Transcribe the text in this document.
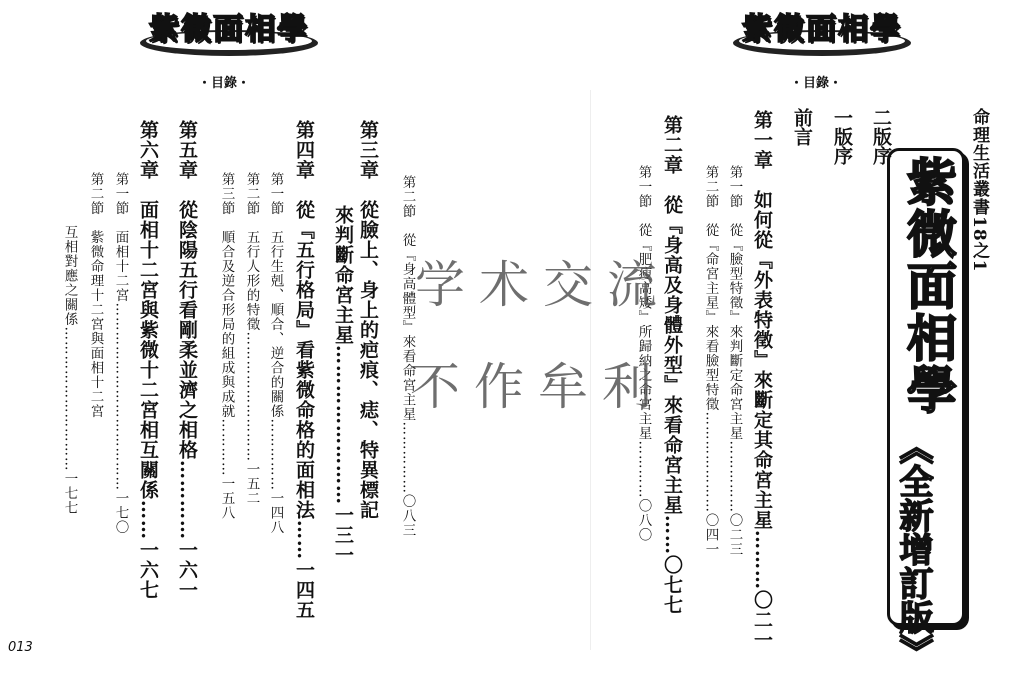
紫微面相學
・目錄・
紫微面相學
・目錄・
命理生活叢書18之1
紫微面相學
《全新增訂版》
二版序
一版序
前言
第一章　如何從『外表特徵』來斷定其命宮主星………〇二一
第一節　從『臉型特徵』來判斷定命宮主星……………〇二三
第二節　從『命宮主星』來看臉型特徵…………………〇四一
第二章　從『身高及身體外型』來看命宮主星……〇七七
第一節　從『肥瘦高矮』所歸納之命宮主星…………〇八〇
第二節　從『身高體型』來看命宮主星……………〇八三
第三章　從臉上、身上的疤痕、痣、特異標記
來判斷命宮主星……………………一三一
第四章　從『五行格局』看紫微命格的面相法……一四五
第一節　五行生剋、順合、逆合的關係……………一四八
第二節　五行人形的特徵………………………一五二
第三節　順合及逆合形局的組成與成就…………一五八
第五章　從陰陽五行看剛柔並濟之相格…………一六一
第六章　面相十二宮與紫微十二宮相互關係……一六七
第一節　面相十二宮…………………………………一七〇
第二節　紫微命理十二宮與面相十二宮
互相對應之關係…………………………一七七
学术交流
不作牟利
013
